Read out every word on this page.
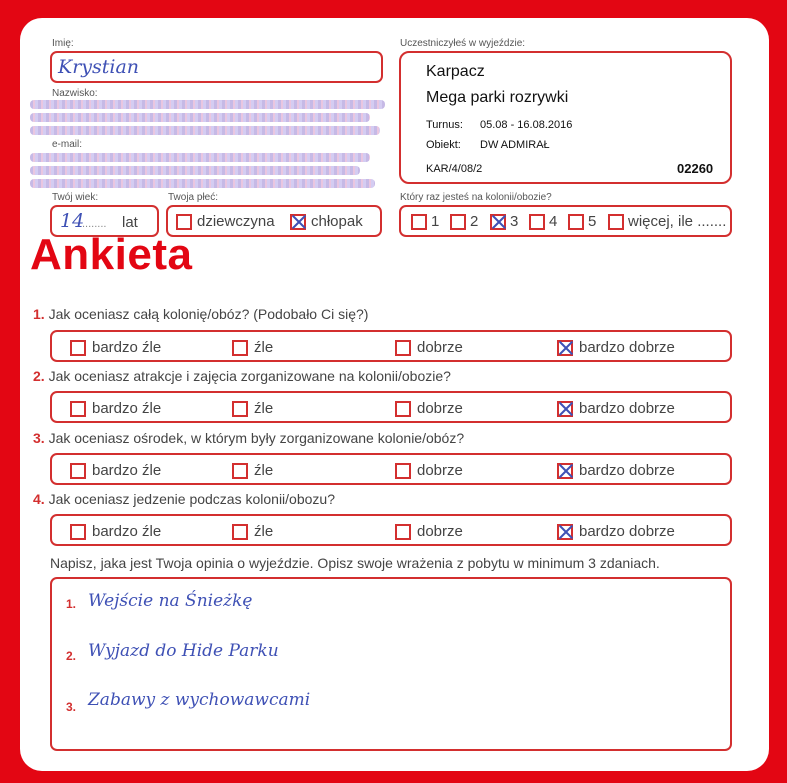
Imię:
Krystian
Nazwisko:
e-mail:
Twój wiek:
14
........ lat
Twoja płeć:
dziewczyna chłopak
Uczestniczyłeś w wyjeździe:
Karpacz
Mega parki rozrywki
Turnus: 05.08 - 16.08.2016
Obiekt: DW ADMIRAŁ
KAR/4/08/2	02260
Który raz jesteś na kolonii/obozie?
1 2 3 4 5 więcej, ile .......
Ankieta
1. Jak oceniasz całą kolonię/obóz? (Podobało Ci się?)
bardzo źle	źle	dobrze	bardzo dobrze
2. Jak oceniasz atrakcje i zajęcia zorganizowane na kolonii/obozie?
bardzo źle	źle	dobrze	bardzo dobrze
3. Jak oceniasz ośrodek, w którym były zorganizowane kolonie/obóz?
bardzo źle	źle	dobrze	bardzo dobrze
4. Jak oceniasz jedzenie podczas kolonii/obozu?
bardzo źle	źle	dobrze	bardzo dobrze
Napisz, jaka jest Twoja opinia o wyjeździe. Opisz swoje wrażenia z pobytu w minimum 3 zdaniach.
1. Wejście na Śnieżkę
2. Wyjazd do Hide Parku
3. Zabawy z wychowawcami
